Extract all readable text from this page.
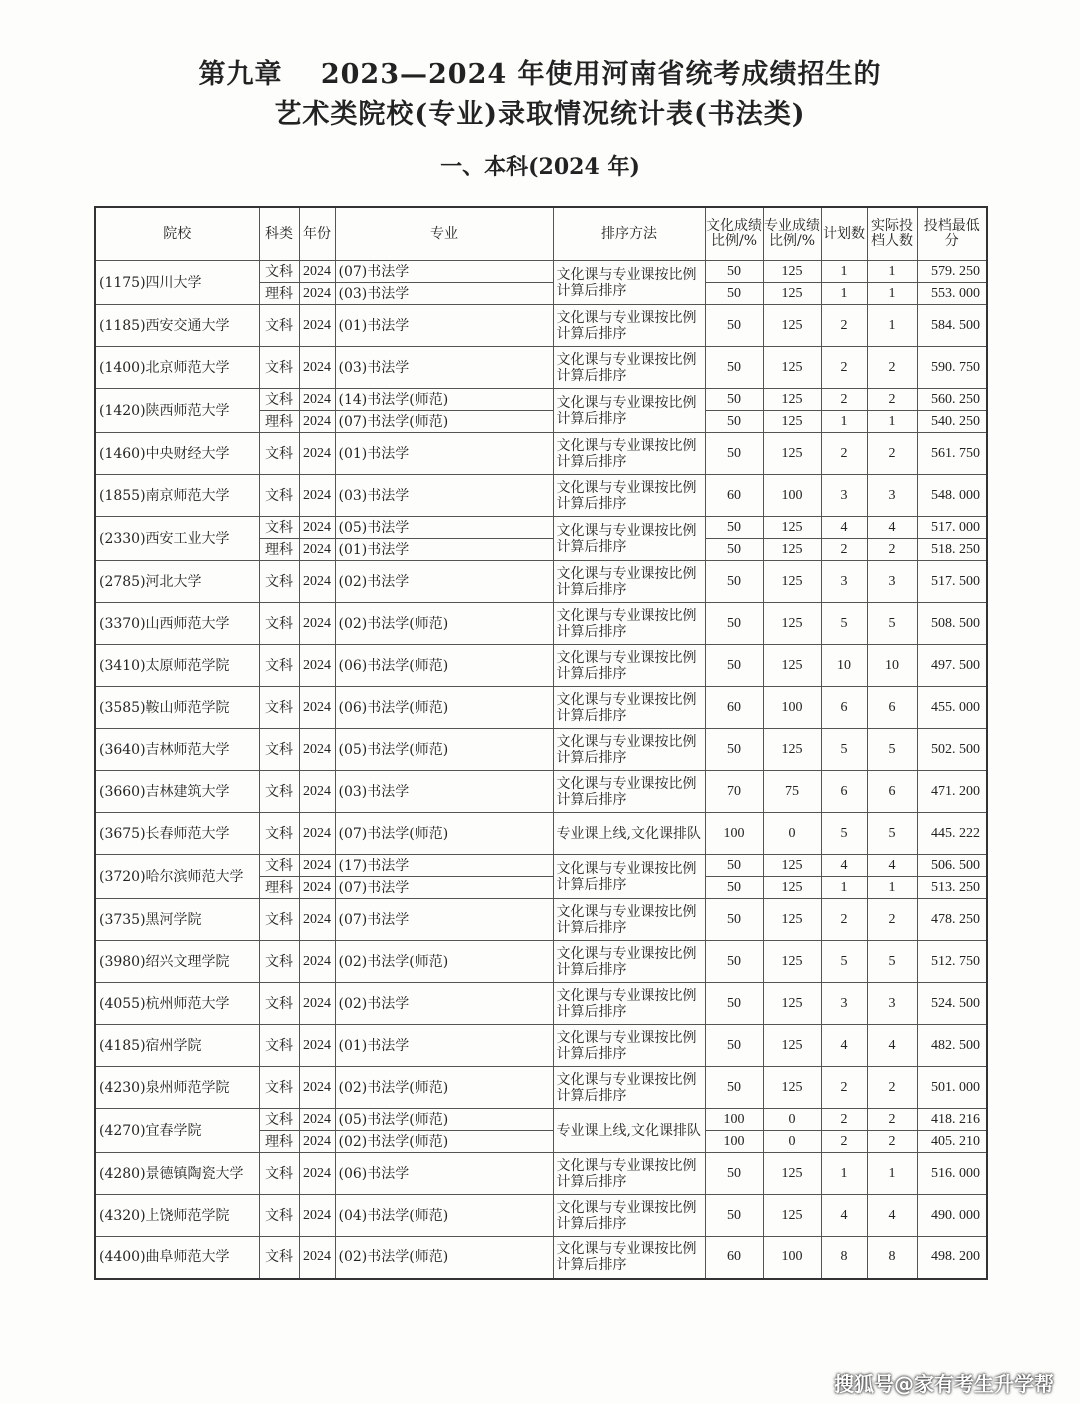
第九章　 2023—2024 年使用河南省统考成绩招生的
艺术类院校(专业)录取情况统计表(书法类)
一、本科(2024 年)
院校	科类	年份	专业	排序方法	文化成绩比例/%	专业成绩比例/%	计划数	实际投档人数	投档最低分
(1175)四川大学	文科	2024	(07)书法学	文化课与专业课按比例计算后排序	50	125	1	1	579. 250
	理科	2024	(03)书法学		50	125	1	1	553. 000
(1185)西安交通大学	文科	2024	(01)书法学	文化课与专业课按比例计算后排序	50	125	2	1	584. 500
(1400)北京师范大学	文科	2024	(03)书法学	文化课与专业课按比例计算后排序	50	125	2	2	590. 750
(1420)陕西师范大学	文科	2024	(14)书法学(师范)	文化课与专业课按比例计算后排序	50	125	2	2	560. 250
	理科	2024	(07)书法学(师范)		50	125	1	1	540. 250
(1460)中央财经大学	文科	2024	(01)书法学	文化课与专业课按比例计算后排序	50	125	2	2	561. 750
(1855)南京师范大学	文科	2024	(03)书法学	文化课与专业课按比例计算后排序	60	100	3	3	548. 000
(2330)西安工业大学	文科	2024	(05)书法学	文化课与专业课按比例计算后排序	50	125	4	4	517. 000
	理科	2024	(01)书法学		50	125	2	2	518. 250
(2785)河北大学	文科	2024	(02)书法学	文化课与专业课按比例计算后排序	50	125	3	3	517. 500
(3370)山西师范大学	文科	2024	(02)书法学(师范)	文化课与专业课按比例计算后排序	50	125	5	5	508. 500
(3410)太原师范学院	文科	2024	(06)书法学(师范)	文化课与专业课按比例计算后排序	50	125	10	10	497. 500
(3585)鞍山师范学院	文科	2024	(06)书法学(师范)	文化课与专业课按比例计算后排序	60	100	6	6	455. 000
(3640)吉林师范大学	文科	2024	(05)书法学(师范)	文化课与专业课按比例计算后排序	50	125	5	5	502. 500
(3660)吉林建筑大学	文科	2024	(03)书法学	文化课与专业课按比例计算后排序	70	75	6	6	471. 200
(3675)长春师范大学	文科	2024	(07)书法学(师范)	专业课上线,文化课排队	100	0	5	5	445. 222
(3720)哈尔滨师范大学	文科	2024	(17)书法学	文化课与专业课按比例计算后排序	50	125	4	4	506. 500
	理科	2024	(07)书法学		50	125	1	1	513. 250
(3735)黑河学院	文科	2024	(07)书法学	文化课与专业课按比例计算后排序	50	125	2	2	478. 250
(3980)绍兴文理学院	文科	2024	(02)书法学(师范)	文化课与专业课按比例计算后排序	50	125	5	5	512. 750
(4055)杭州师范大学	文科	2024	(02)书法学	文化课与专业课按比例计算后排序	50	125	3	3	524. 500
(4185)宿州学院	文科	2024	(01)书法学	文化课与专业课按比例计算后排序	50	125	4	4	482. 500
(4230)泉州师范学院	文科	2024	(02)书法学(师范)	文化课与专业课按比例计算后排序	50	125	2	2	501. 000
(4270)宜春学院	文科	2024	(05)书法学(师范)	专业课上线,文化课排队	100	0	2	2	418. 216
	理科	2024	(02)书法学(师范)		100	0	2	2	405. 210
(4280)景德镇陶瓷大学	文科	2024	(06)书法学	文化课与专业课按比例计算后排序	50	125	1	1	516. 000
(4320)上饶师范学院	文科	2024	(04)书法学(师范)	文化课与专业课按比例计算后排序	50	125	4	4	490. 000
(4400)曲阜师范大学	文科	2024	(02)书法学(师范)	文化课与专业课按比例计算后排序	60	100	8	8	498. 200
搜狐号@家有考生升学帮
